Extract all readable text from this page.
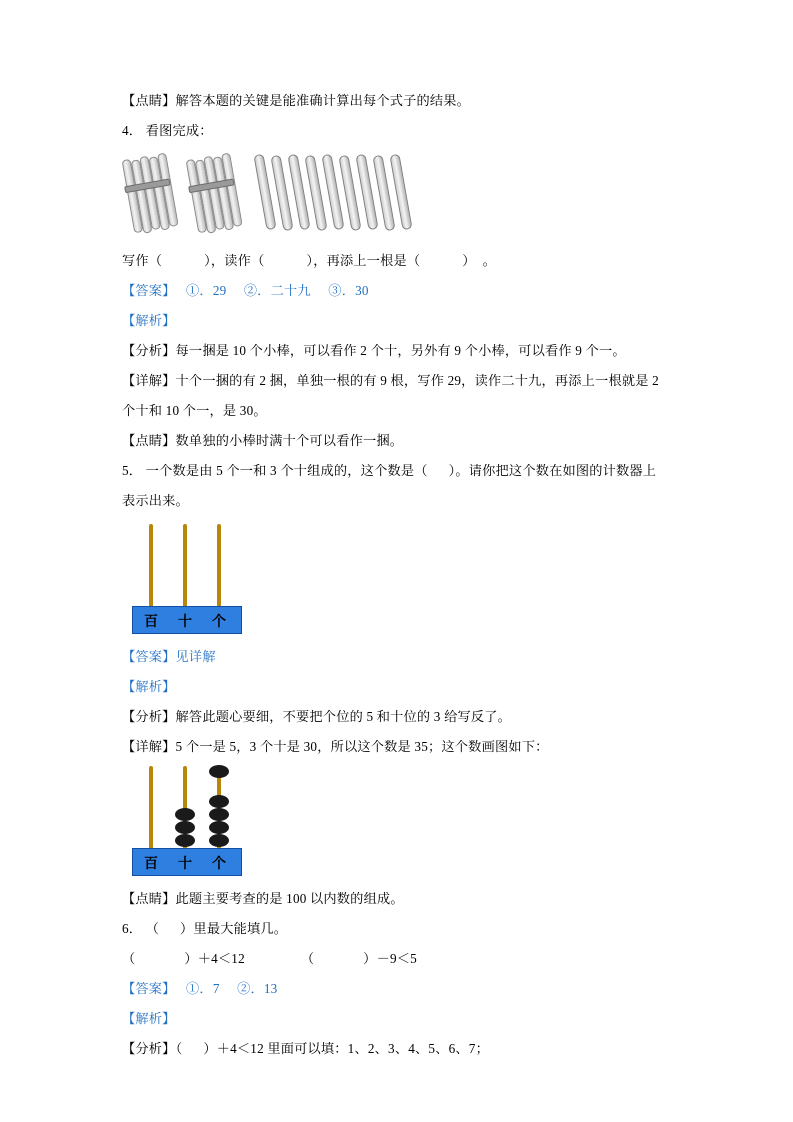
【点睛】解答本题的关键是能准确计算出每个式子的结果。
4． 看图完成：
写作（            ），读作（            ），再添上一根是（            ）  。
【答案】   ①．29     ②．二十九     ③．30
【解析】
【分析】每一捆是 10 个小棒，可以看作 2 个十，另外有 9 个小棒，可以看作 9 个一。
【详解】十个一捆的有 2 捆，单独一根的有 9 根，写作 29，读作二十九，再添上一根就是 2 个十和 10 个一，是 30。
【点睛】数单独的小棒时满十个可以看作一捆。
5． 一个数是由 5 个一和 3 个十组成的，这个数是（      ）。请你把这个数在如图的计数器上
表示出来。
百 十 个
【答案】见详解
【解析】
【分析】解答此题心要细，不要把个位的 5 和十位的 3 给写反了。
【详解】5 个一是 5，3 个十是 30，所以这个数是 35；这个数画图如下：
百 十 个
【点睛】此题主要考查的是 100 以内数的组成。
6． （      ）里最大能填几。
（              ）＋4＜12                （              ）－9＜5
【答案】   ①．7     ②．13
【解析】
【分析】（      ）＋4＜12 里面可以填：1、2、3、4、5、6、7；
